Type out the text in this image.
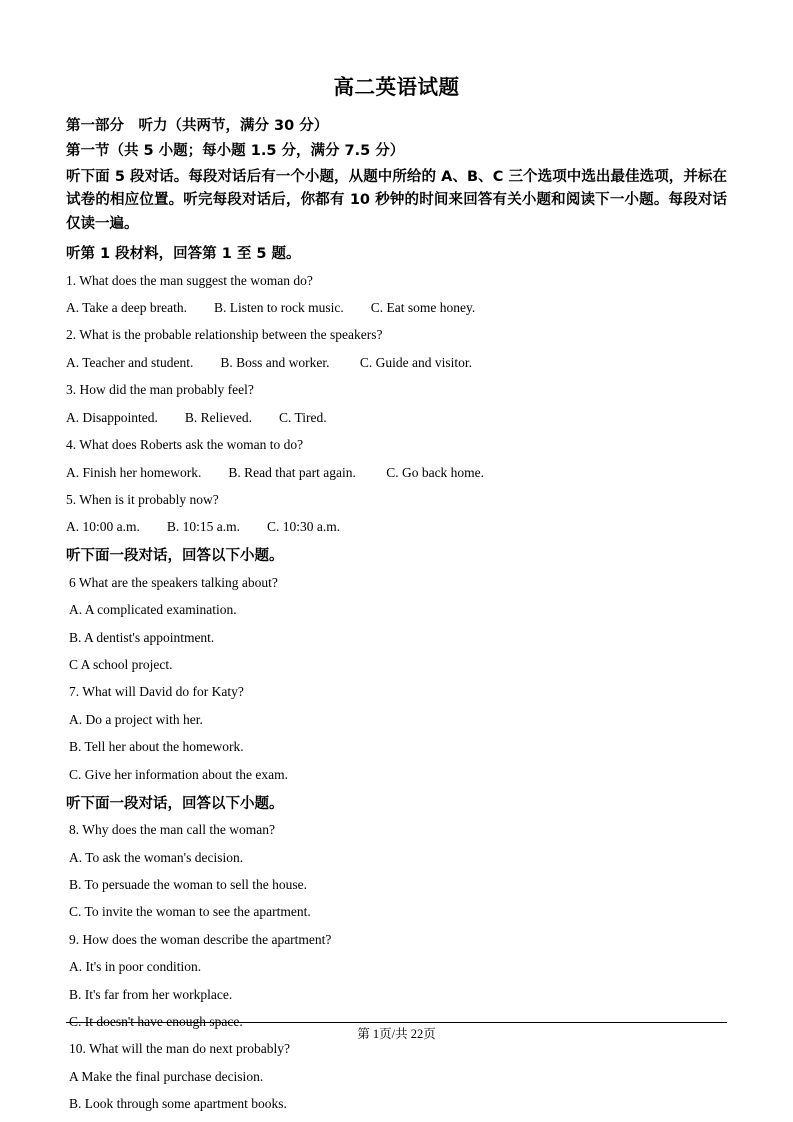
高二英语试题
第一部分　听力（共两节，满分 30 分）
第一节（共 5 小题；每小题 1.5 分，满分 7.5 分）
听下面 5 段对话。每段对话后有一个小题，从题中所给的 A、B、C 三个选项中选出最佳选项，并标在试卷的相应位置。听完每段对话后，你都有 10 秒钟的时间来回答有关小题和阅读下一小题。每段对话仅读一遍。
听第 1 段材料，回答第 1 至 5 题。
1. What does the man suggest the woman do?
A. Take a deep breath.        B. Listen to rock music.        C. Eat some honey.
2. What is the probable relationship between the speakers?
A. Teacher and student.        B. Boss and worker.         C. Guide and visitor.
3. How did the man probably feel?
A. Disappointed.        B. Relieved.        C. Tired.
4. What does Roberts ask the woman to do?
A. Finish her homework.        B. Read that part again.         C. Go back home.
5. When is it probably now?
A. 10:00 a.m.        B. 10:15 a.m.        C. 10:30 a.m.
听下面一段对话，回答以下小题。
6 What are the speakers talking about?
A. A complicated examination.
B. A dentist's appointment.
C A school project.
7. What will David do for Katy?
A. Do a project with her.
B. Tell her about the homework.
C. Give her information about the exam.
听下面一段对话，回答以下小题。
8. Why does the man call the woman?
A. To ask the woman's decision.
B. To persuade the woman to sell the house.
C. To invite the woman to see the apartment.
9. How does the woman describe the apartment?
A. It's in poor condition.
B. It's far from her workplace.
C. It doesn't have enough space.
10. What will the man do next probably?
A Make the final purchase decision.
B. Look through some apartment books.
第 1页/共 22页
